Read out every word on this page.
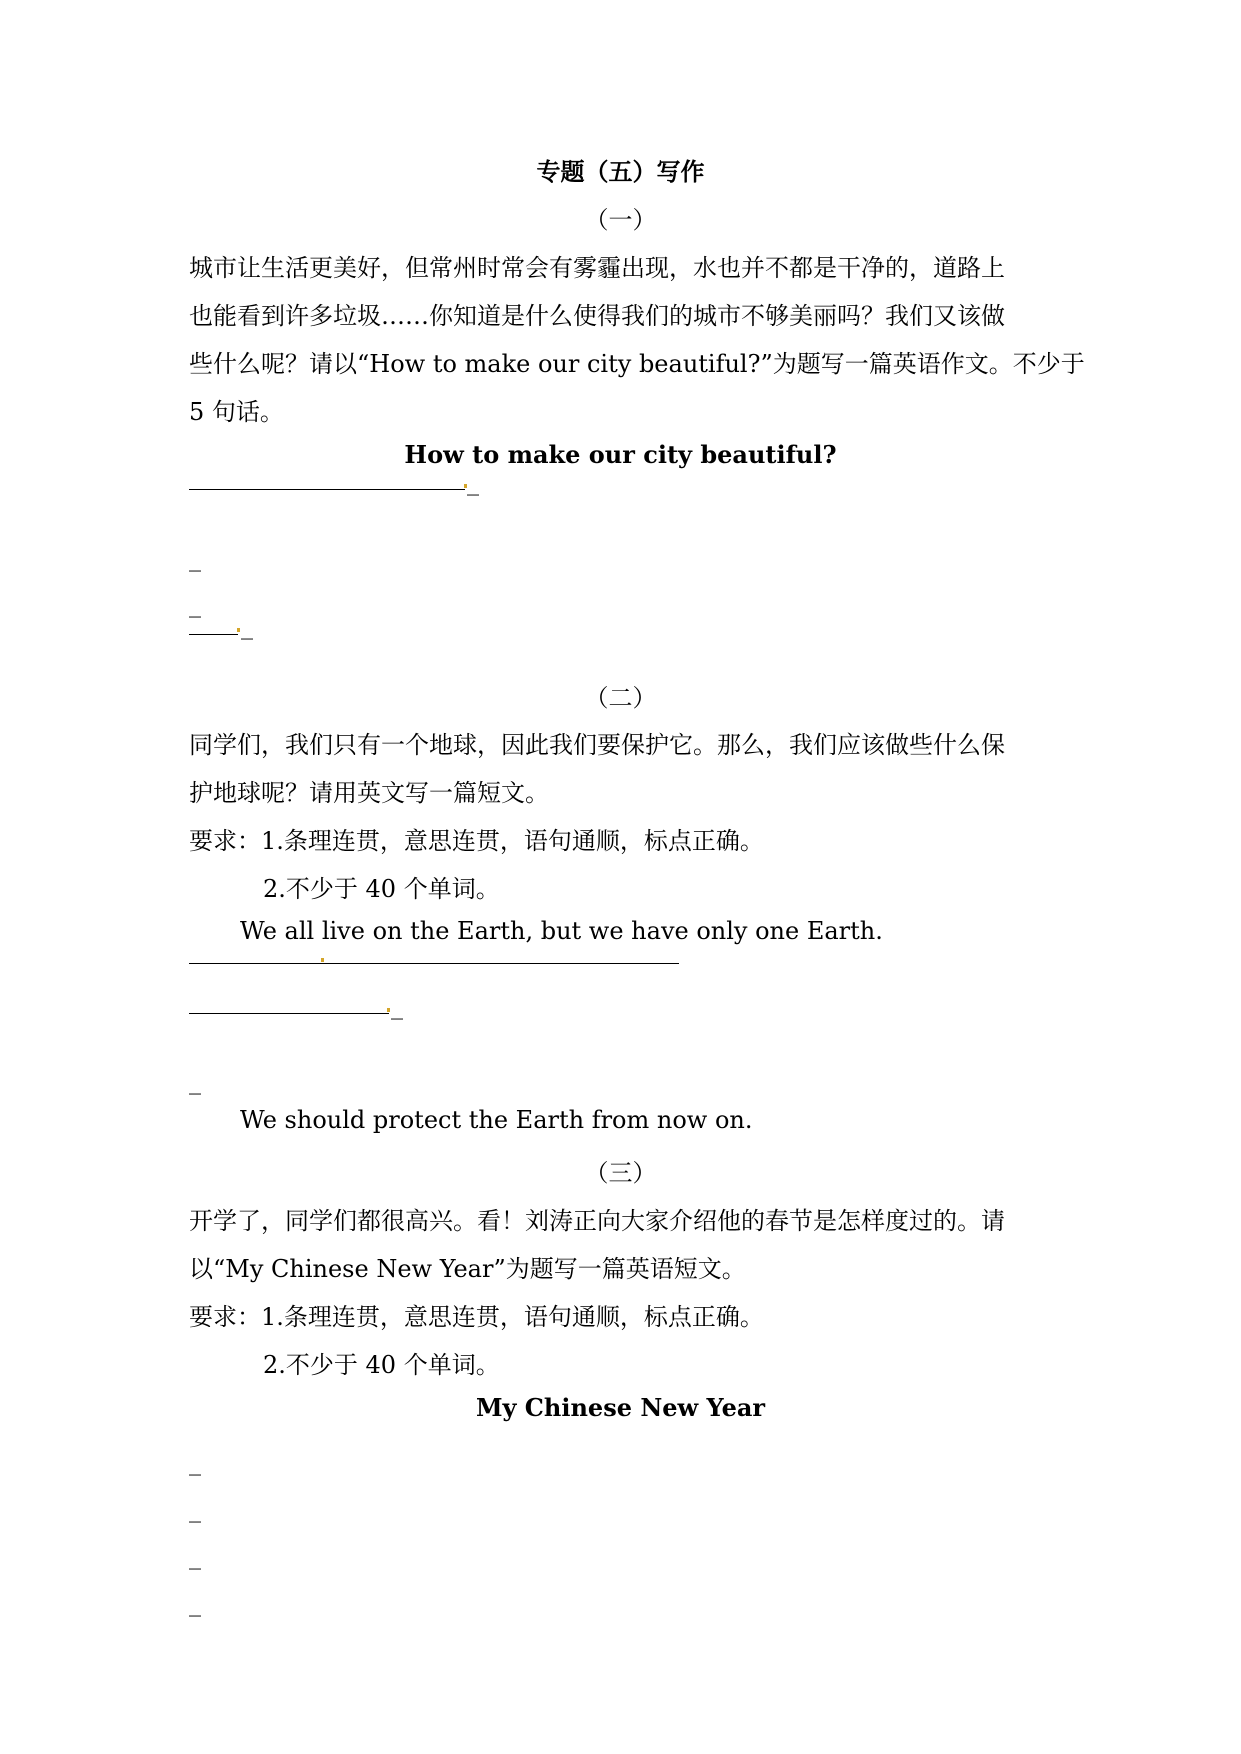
专题（五）写作
（一）
城市让生活更美好，但常州时常会有雾霾出现，水也并不都是干净的，道路上
也能看到许多垃圾……你知道是什么使得我们的城市不够美丽吗？我们又该做
些什么呢？请以“How to make our city beautiful?”为题写一篇英语作文。不少于
5 句话。
How to make our city beautiful?
_
_
_
_
（二）
同学们，我们只有一个地球，因此我们要保护它。那么，我们应该做些什么保
护地球呢？请用英文写一篇短文。
要求：1.条理连贯，意思连贯，语句通顺，标点正确。
2.不少于 40 个单词。
We all live on the Earth, but we have only one Earth.
_
_
We should protect the Earth from now on.
（三）
开学了，同学们都很高兴。看！刘涛正向大家介绍他的春节是怎样度过的。请
以“My Chinese New Year”为题写一篇英语短文。
要求：1.条理连贯，意思连贯，语句通顺，标点正确。
2.不少于 40 个单词。
My Chinese New Year
_
_
_
_
